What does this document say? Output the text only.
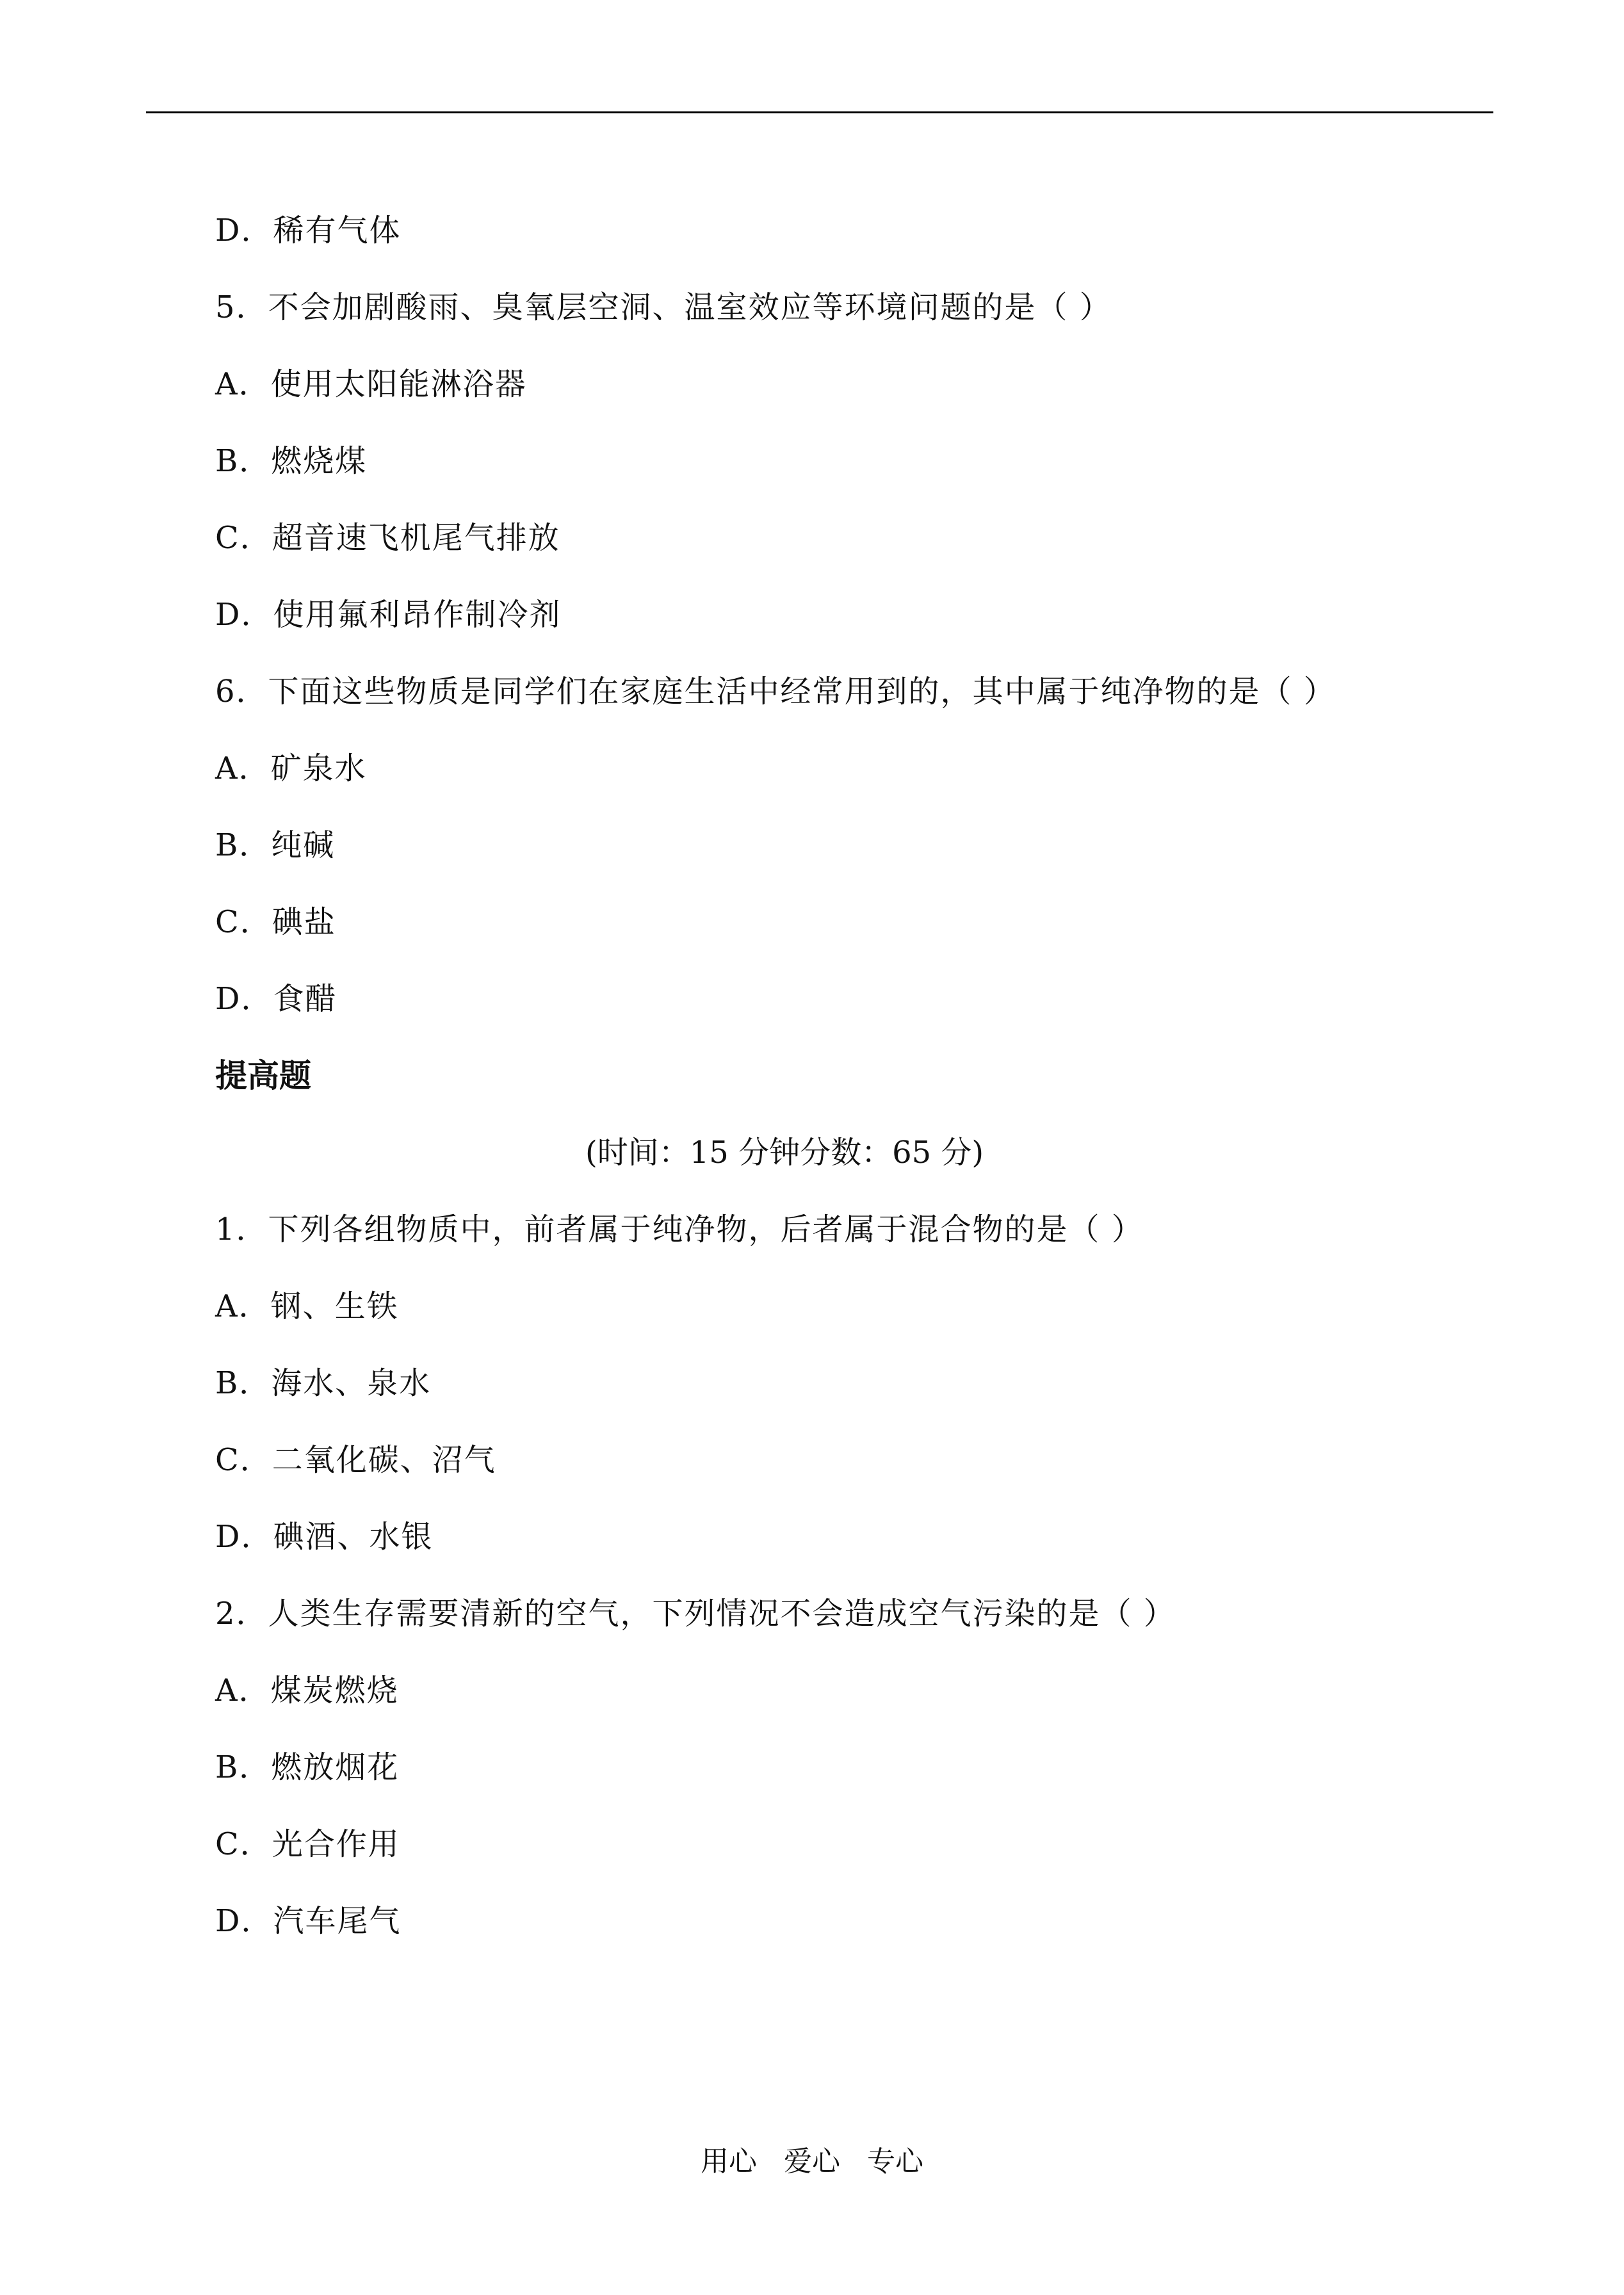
D．稀有气体
5．不会加剧酸雨、臭氧层空洞、温室效应等环境问题的是（ ）
A．使用太阳能淋浴器
B．燃烧煤
C．超音速飞机尾气排放
D．使用氟利昂作制冷剂
6．下面这些物质是同学们在家庭生活中经常用到的，其中属于纯净物的是（ ）
A．矿泉水
B．纯碱
C．碘盐
D．食醋
提高题
(时间：15 分钟分数：65 分)
1．下列各组物质中，前者属于纯净物，后者属于混合物的是（ ）
A．钢、生铁
B．海水、泉水
C．二氧化碳、沼气
D．碘酒、水银
2．人类生存需要清新的空气，下列情况不会造成空气污染的是（ ）
A．煤炭燃烧
B．燃放烟花
C．光合作用
D．汽车尾气
用心   爱心   专心
